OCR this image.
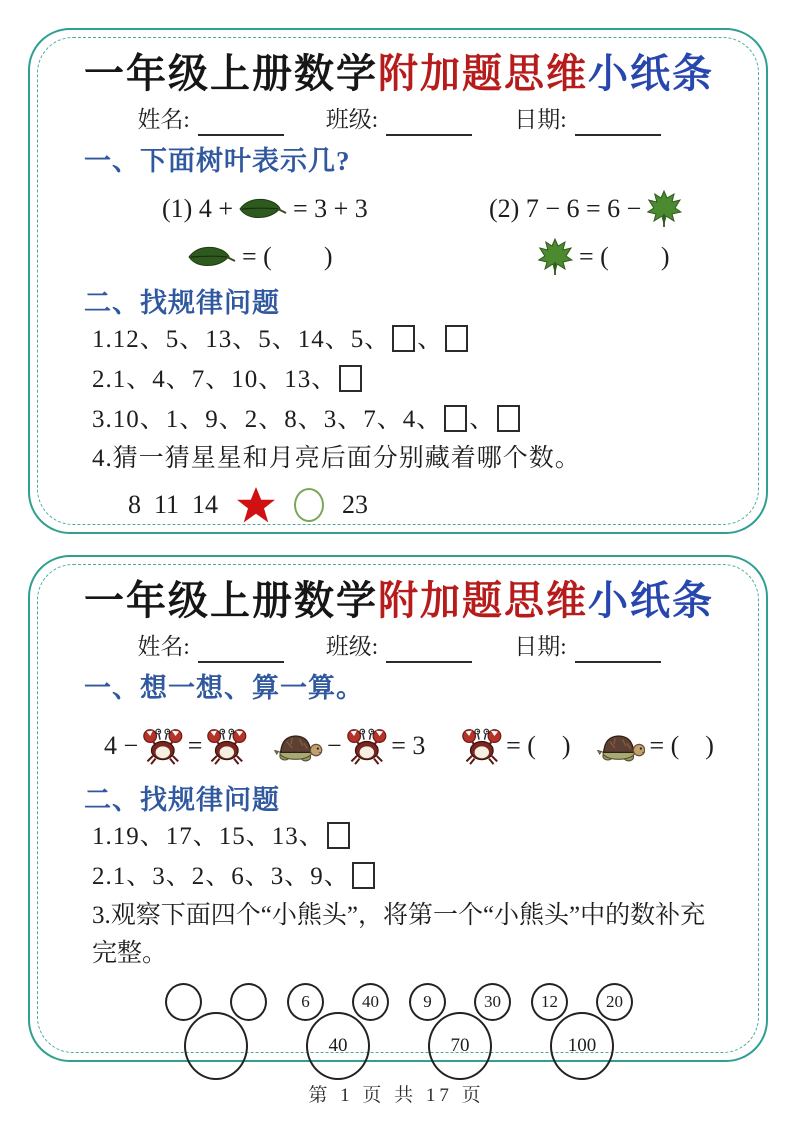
一年级上册数学附加题思维小纸条
姓名:	班级:	日期:
一、下面树叶表示几?
(1) 4 + = 3 + 3	(2) 7 − 6 = 6 −
= (        )	= (        )
二、找规律问题
1.12、5、13、5、14、5、 、
2.1、4、7、10、13、
3.10、1、9、2、8、3、7、4、 、
4.猜一猜星星和月亮后面分别藏着哪个数。
8  11  14	23
一年级上册数学附加题思维小纸条
姓名:	班级:	日期:
一、想一想、算一算。
4 − =	− = 3	= (    )	= (    )
二、找规律问题
1.19、17、15、13、
2.1、3、2、6、3、9、
3.观察下面四个“小熊头”，将第一个“小熊头”中的数补充完整。
6	40
40
9	30
70
12	20
100
第 1 页 共 17 页
